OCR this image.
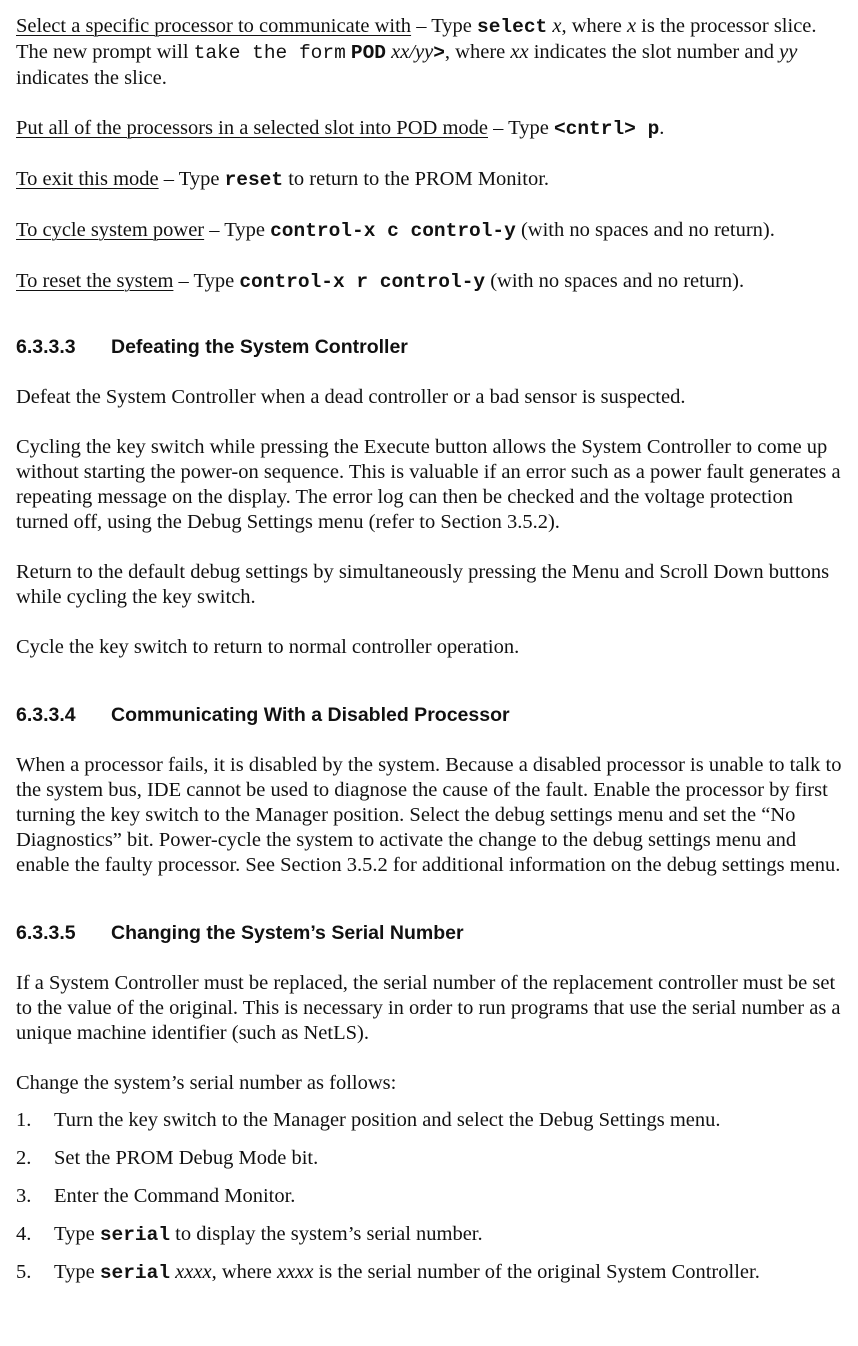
Select a specific processor to communicate with – Type select x, where x is the processor slice. The new prompt will take the form POD xx/yy>, where xx indicates the slot number and yy indicates the slice.

Put all of the processors in a selected slot into POD mode – Type <cntrl> p.

To exit this mode – Type reset to return to the PROM Monitor.

To cycle system power – Type control-x c control-y (with no spaces and no return).

To reset the system – Type control-x r control-y (with no spaces and no return).

6.3.3.3 Defeating the System Controller

Defeat the System Controller when a dead controller or a bad sensor is suspected.

Cycling the key switch while pressing the Execute button allows the System Controller to come up without starting the power-on sequence. This is valuable if an error such as a power fault generates a repeating message on the display. The error log can then be checked and the voltage protection turned off, using the Debug Settings menu (refer to Section 3.5.2).

Return to the default debug settings by simultaneously pressing the Menu and Scroll Down buttons while cycling the key switch.

Cycle the key switch to return to normal controller operation.

6.3.3.4 Communicating With a Disabled Processor

When a processor fails, it is disabled by the system. Because a disabled processor is unable to talk to the system bus, IDE cannot be used to diagnose the cause of the fault. Enable the processor by first turning the key switch to the Manager position. Select the debug settings menu and set the “No Diagnostics” bit. Power-cycle the system to activate the change to the debug settings menu and enable the faulty processor. See Section 3.5.2 for additional information on the debug settings menu.

6.3.3.5 Changing the System’s Serial Number

If a System Controller must be replaced, the serial number of the replacement controller must be set to the value of the original. This is necessary in order to run programs that use the serial number as a unique machine identifier (such as NetLS).

Change the system’s serial number as follows:

1. Turn the key switch to the Manager position and select the Debug Settings menu.
2. Set the PROM Debug Mode bit.
3. Enter the Command Monitor.
4. Type serial to display the system’s serial number.
5. Type serial xxxx, where xxxx is the serial number of the original System Controller.
